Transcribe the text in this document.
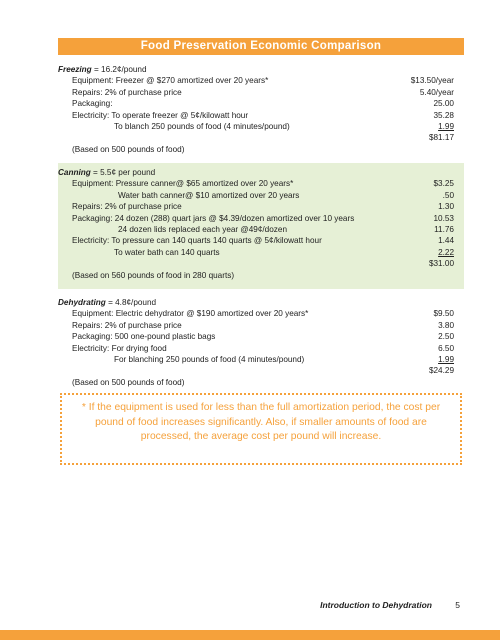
Food Preservation Economic Comparison
Freezing = 16.2¢/pound
Equipment: Freezer @ $270 amortized over 20 years*	$13.50/year
Repairs: 2% of purchase price	5.40/year
Packaging:	25.00
Electricity: To operate freezer @ 5¢/kilowatt hour	35.28
To blanch 250 pounds of food (4 minutes/pound)	1.99
$81.17
(Based on 500 pounds of food)
Canning = 5.5¢ per pound
Equipment: Pressure canner@ $65 amortized over 20 years*	$3.25
Water bath canner@ $10 amortized over 20 years	.50
Repairs: 2% of purchase price	1.30
Packaging: 24 dozen (288) quart jars @ $4.39/dozen amortized over 10 years	10.53
24 dozen lids replaced each year @49¢/dozen	11.76
Electricity: To pressure can 140 quarts 140 quarts @ 5¢/kilowatt hour	1.44
To water bath can 140 quarts	2.22
$31.00
(Based on 560 pounds of food in 280 quarts)
Dehydrating = 4.8¢/pound
Equipment: Electric dehydrator @ $190 amortized over 20 years*	$9.50
Repairs: 2% of purchase price	3.80
Packaging: 500 one-pound plastic bags	2.50
Electricity: For drying food	6.50
For blanching 250 pounds of food (4 minutes/pound)	1.99
$24.29
(Based on 500 pounds of food)
* If the equipment is used for less than the full amortization period, the cost per pound of food increases significantly. Also, if smaller amounts of food are processed, the average cost per pound will increase.
Introduction to Dehydration	5
